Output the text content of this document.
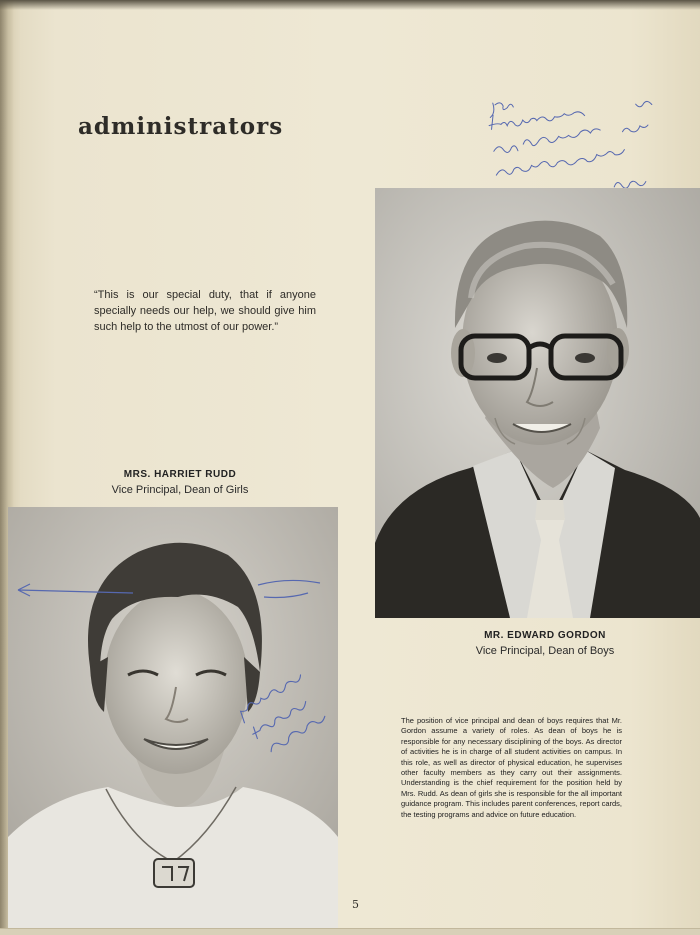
administrators
“This is our special duty, that if anyone specially needs our help, we should give him such help to the utmost of our power.”
MR. EDWARD GORDON
Vice Principal, Dean of Boys
MRS. HARRIET RUDD
Vice Principal, Dean of Girls
The position of vice principal and dean of boys requires that Mr. Gordon assume a variety of roles. As dean of boys he is responsible for any necessary disciplining of the boys. As director of activities he is in charge of all student activities on campus. In this role, as well as director of physical education, he supervises other faculty members as they carry out their assignments. Understanding is the chief requirement for the position held by Mrs. Rudd. As dean of girls she is responsible for the all important guidance program. This includes parent conferences, report cards, the testing programs and advice on future education.
5
